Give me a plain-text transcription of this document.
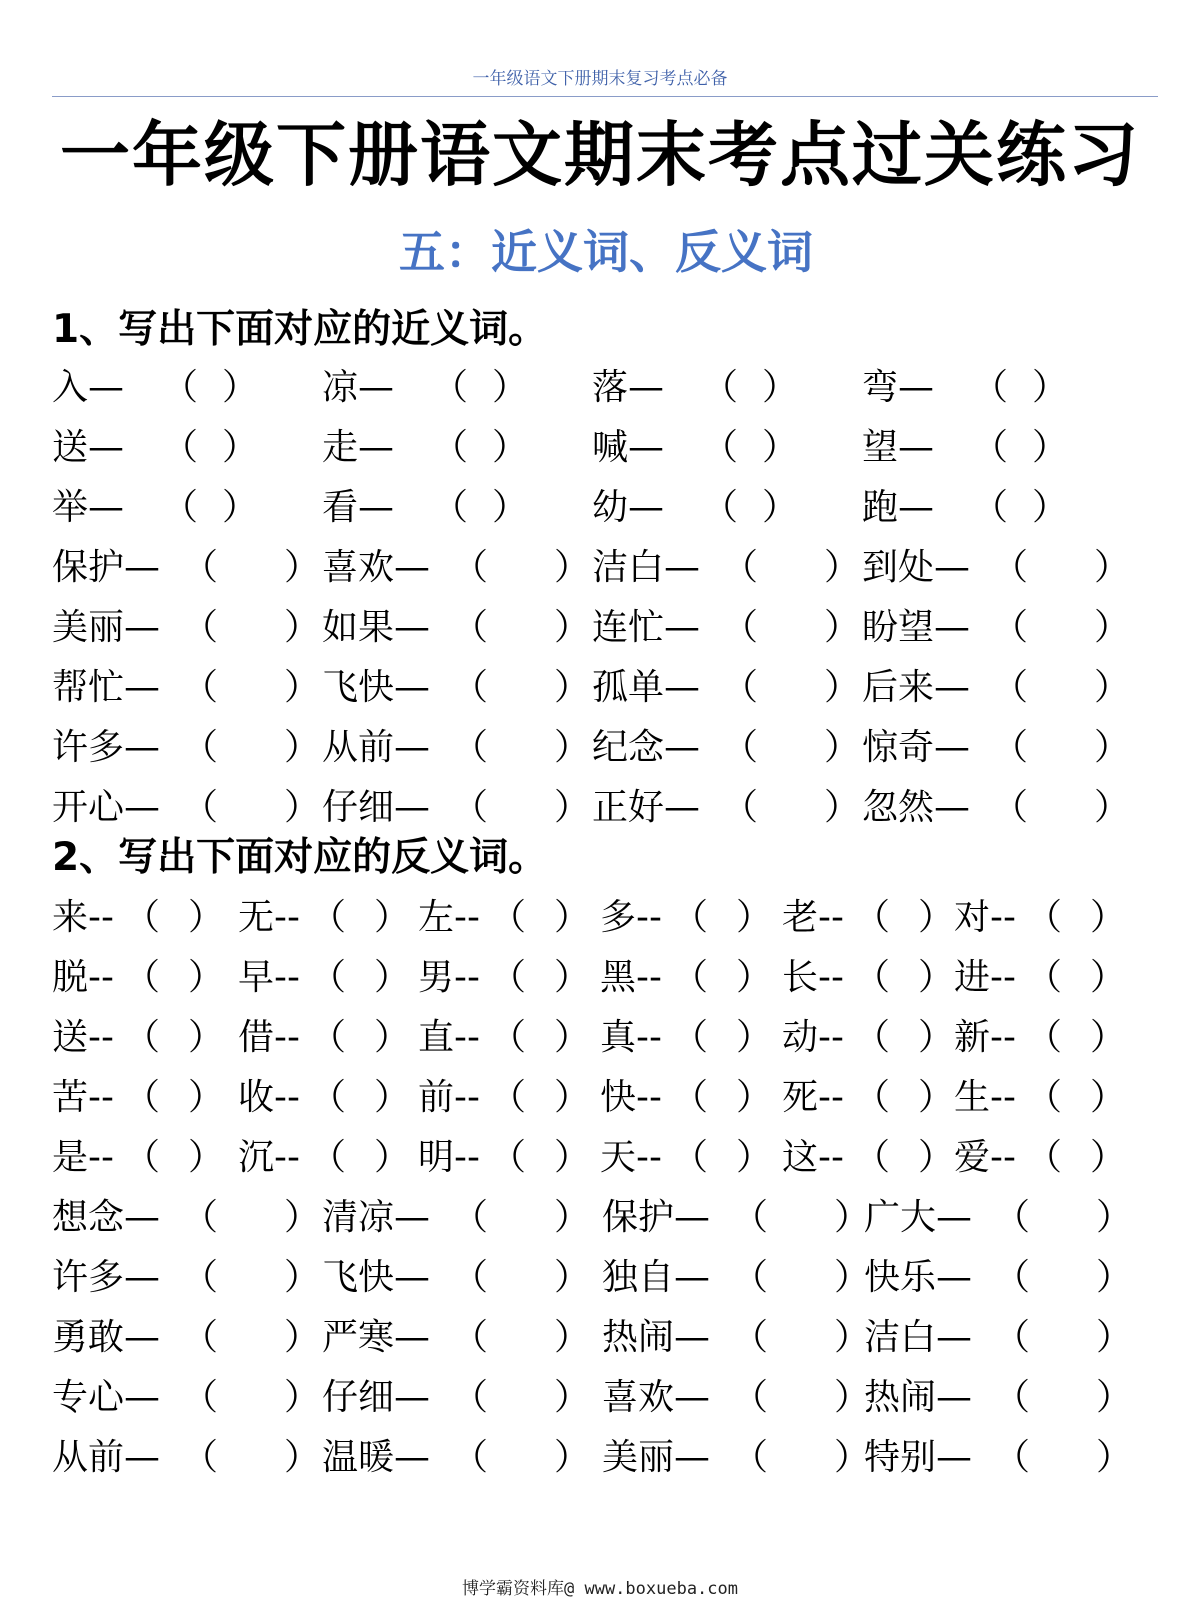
一年级语文下册期末复习考点必备
一年级下册语文期末考点过关练习
五：近义词、反义词
1、写出下面对应的近义词。
入— （ ） 凉— （ ） 落— （ ） 弯— （ ）
送— （ ） 走— （ ） 喊— （ ） 望— （ ）
举— （ ） 看— （ ） 幼— （ ） 跑— （ ）
保护— （ ） 喜欢— （ ） 洁白— （ ） 到处— （ ）
美丽— （ ） 如果— （ ） 连忙— （ ） 盼望— （ ）
帮忙— （ ） 飞快— （ ） 孤单— （ ） 后来— （ ）
许多— （ ） 从前— （ ） 纪念— （ ） 惊奇— （ ）
开心— （ ） 仔细— （ ） 正好— （ ） 忽然— （ ）
2、写出下面对应的反义词。
来-- （ ） 无-- （ ） 左-- （ ） 多-- （ ） 老-- （ ） 对-- （ ）
脱-- （ ） 早-- （ ） 男-- （ ） 黑-- （ ） 长-- （ ） 进-- （ ）
送-- （ ） 借-- （ ） 直-- （ ） 真-- （ ） 动-- （ ） 新-- （ ）
苦-- （ ） 收-- （ ） 前-- （ ） 快-- （ ） 死-- （ ） 生-- （ ）
是-- （ ） 沉-- （ ） 明-- （ ） 天-- （ ） 这-- （ ） 爱-- （ ）
想念— （ ） 清凉— （ ） 保护— （ ）
广大— （ ）
许多— （ ） 飞快— （ ） 独自— （ ）
快乐— （ ）
勇敢— （ ） 严寒— （ ） 热闹— （ ）
洁白— （ ）
专心— （ ） 仔细— （ ） 喜欢— （ ）
热闹— （ ）
从前— （ ） 温暖— （ ） 美丽— （ ）
特别— （ ）
博学霸资料库@ www.boxueba.com
